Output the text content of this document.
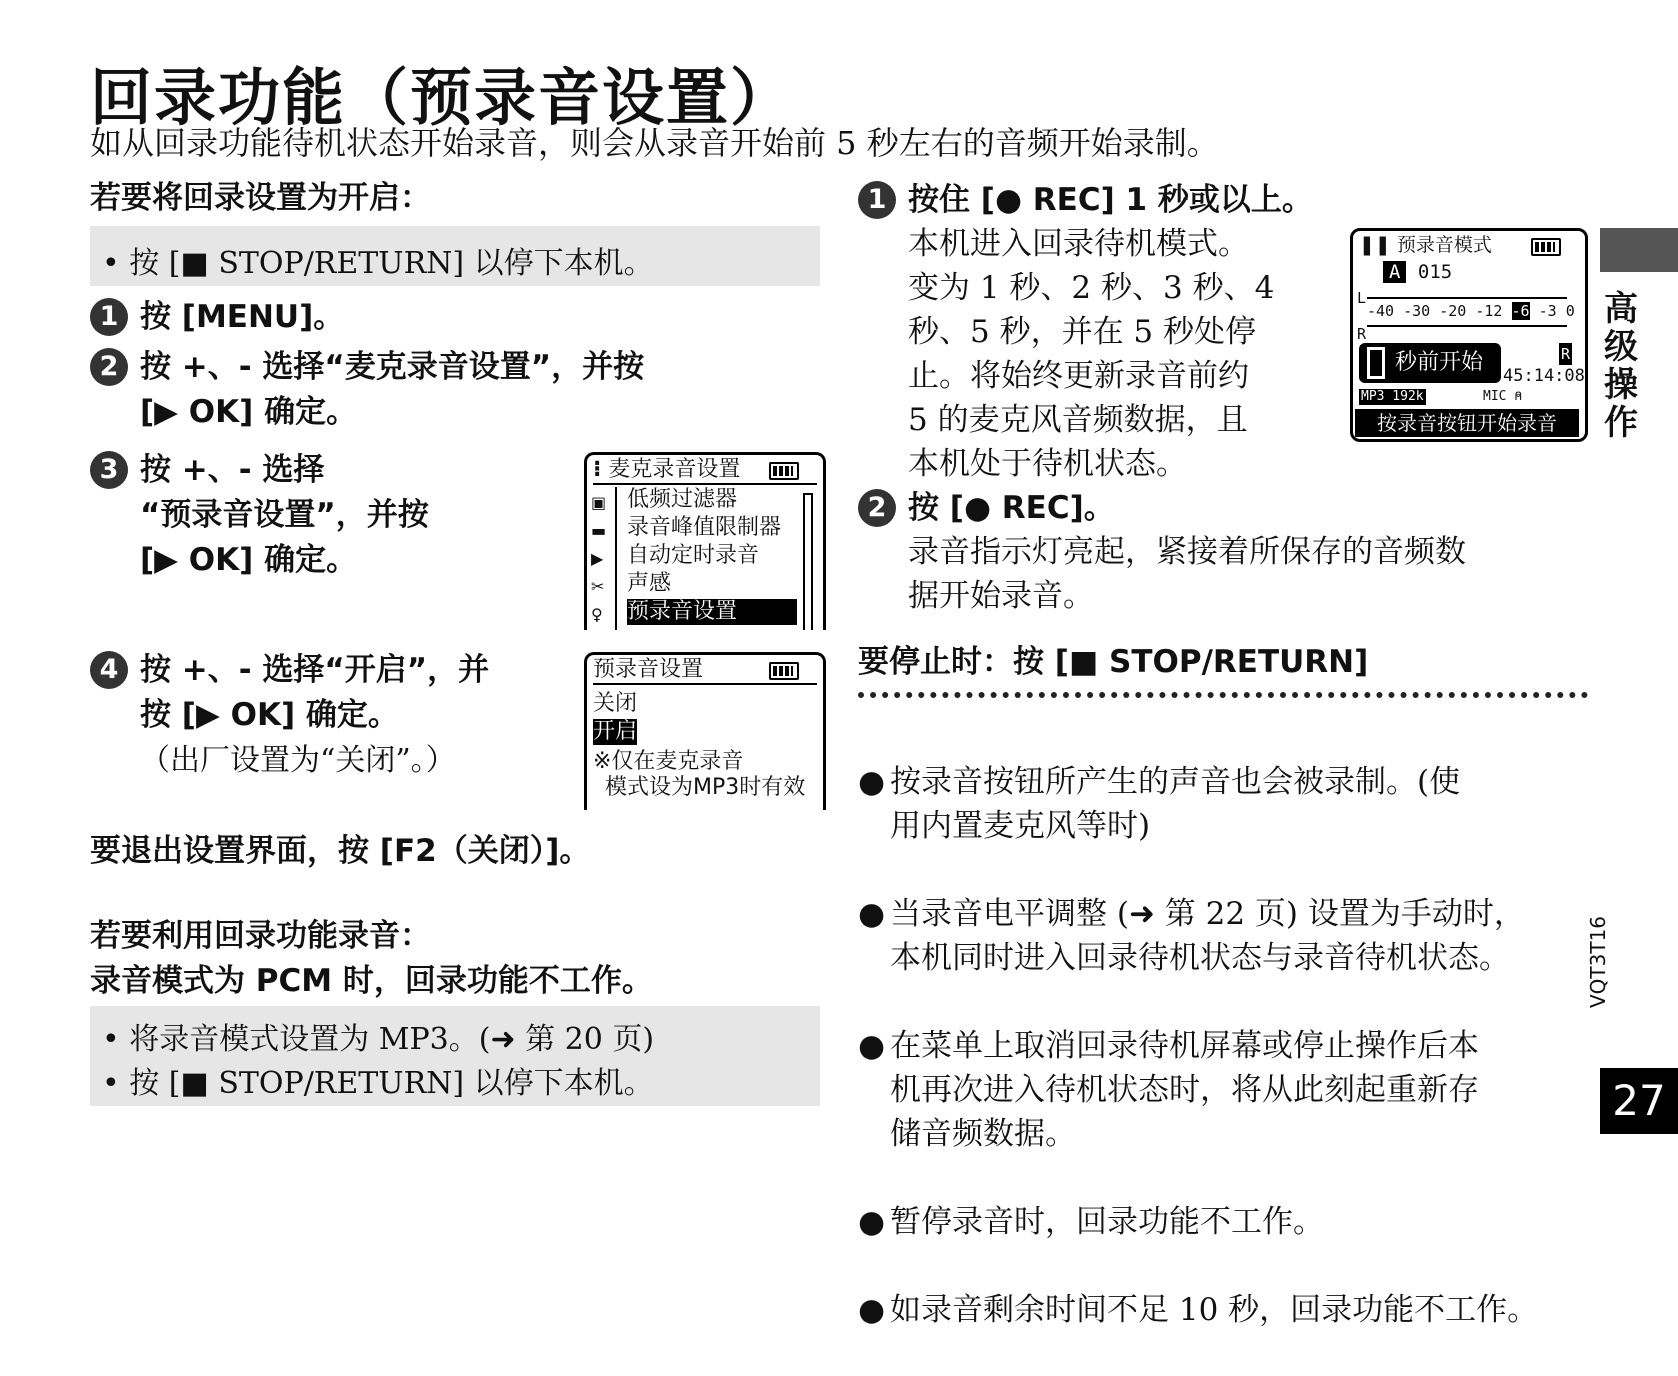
回录功能（预录音设置）
如从回录功能待机状态开始录音，则会从录音开始前 5 秒左右的音频开始录制。
若要将回录设置为开启：
• 按 [■ STOP/RETURN] 以停下本机。
1 按 [MENU]。
2 按 +、- 选择“麦克录音设置”，并按
[▶ OK] 确定。
3 按 +、- 选择
“预录音设置”，并按
[▶ OK] 确定。
4 按 +、- 选择“开启”，并
按 [▶ OK] 确定。
（出厂设置为“关闭”。）
⁝ 麦克录音设置
▣
▬
▶
✂
♀
低频过滤器
录音峰值限制器
自动定时录音
声感
预录音设置
预录音设置
关闭
开启
※仅在麦克录音
模式设为MP3时有效
要退出设置界面，按 [F2（关闭）]。
若要利用回录功能录音：
录音模式为 PCM 时，回录功能不工作。
• 将录音模式设置为 MP3。(➜ 第 20 页)
• 按 [■ STOP/RETURN] 以停下本机。
1 按住 [● REC] 1 秒或以上。
本机进入回录待机模式。
变为 1 秒、2 秒、3 秒、4
秒、5 秒，并在 5 秒处停
止。将始终更新录音前约
5 的麦克风音频数据，且
本机处于待机状态。
❚❚ 预录音模式
A 015
L
R
-40 -30 -20 -12 -6 -3 0
秒前开始	R
45:14:08
MP3 192k	MIC ⍝
按录音按钮开始录音
2 按 [● REC]。
录音指示灯亮起，紧接着所保存的音频数
据开始录音。
要停止时：按 [■ STOP/RETURN]

● 按录音按钮所产生的声音也会被录制。(使
用内置麦克风等时)

● 当录音电平调整 (➜ 第 22 页) 设置为手动时，
本机同时进入回录待机状态与录音待机状态。

● 在菜单上取消回录待机屏幕或停止操作后本
机再次进入待机状态时，将从此刻起重新存
储音频数据。

● 暂停录音时，回录功能不工作。

● 如录音剩余时间不足 10 秒，回录功能不工作。

高级操作
VQT3T16
27
